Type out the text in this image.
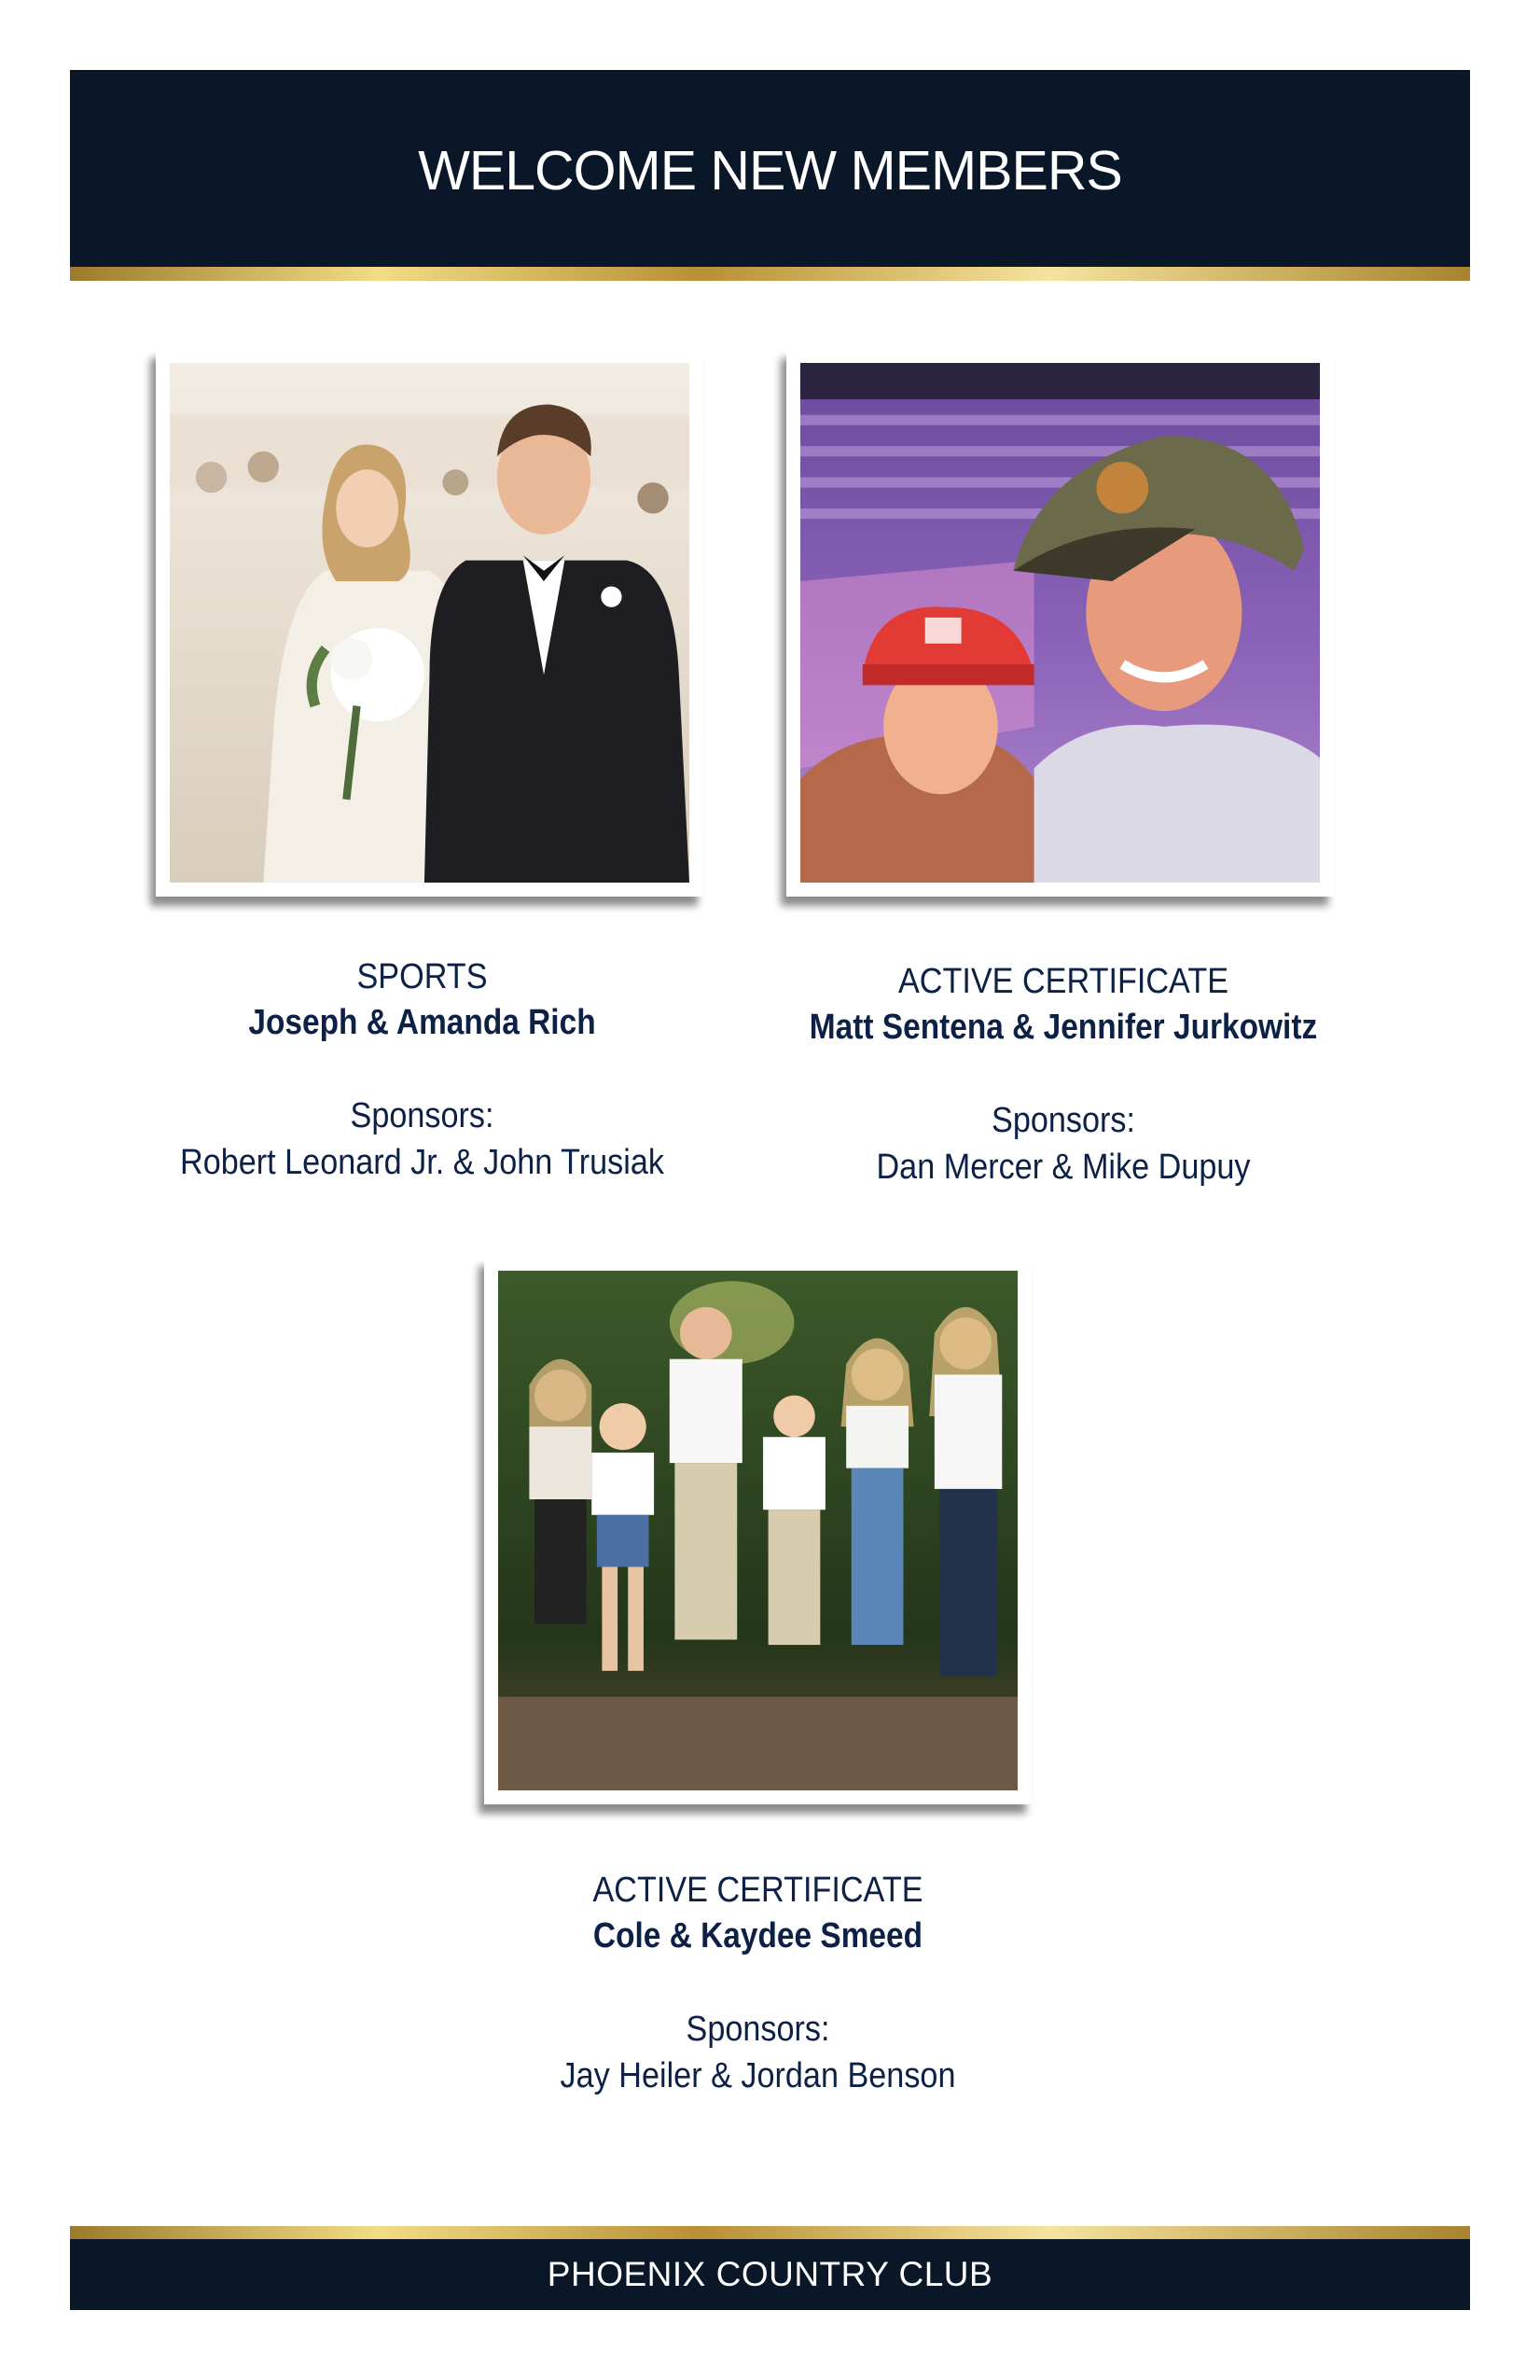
WELCOME NEW MEMBERS
SPORTS
Joseph & Amanda Rich
Sponsors:
Robert Leonard Jr. & John Trusiak
ACTIVE CERTIFICATE
Matt Sentena & Jennifer Jurkowitz
Sponsors:
Dan Mercer & Mike Dupuy
ACTIVE CERTIFICATE
Cole & Kaydee Smeed
Sponsors:
Jay Heiler & Jordan Benson
PHOENIX COUNTRY CLUB
